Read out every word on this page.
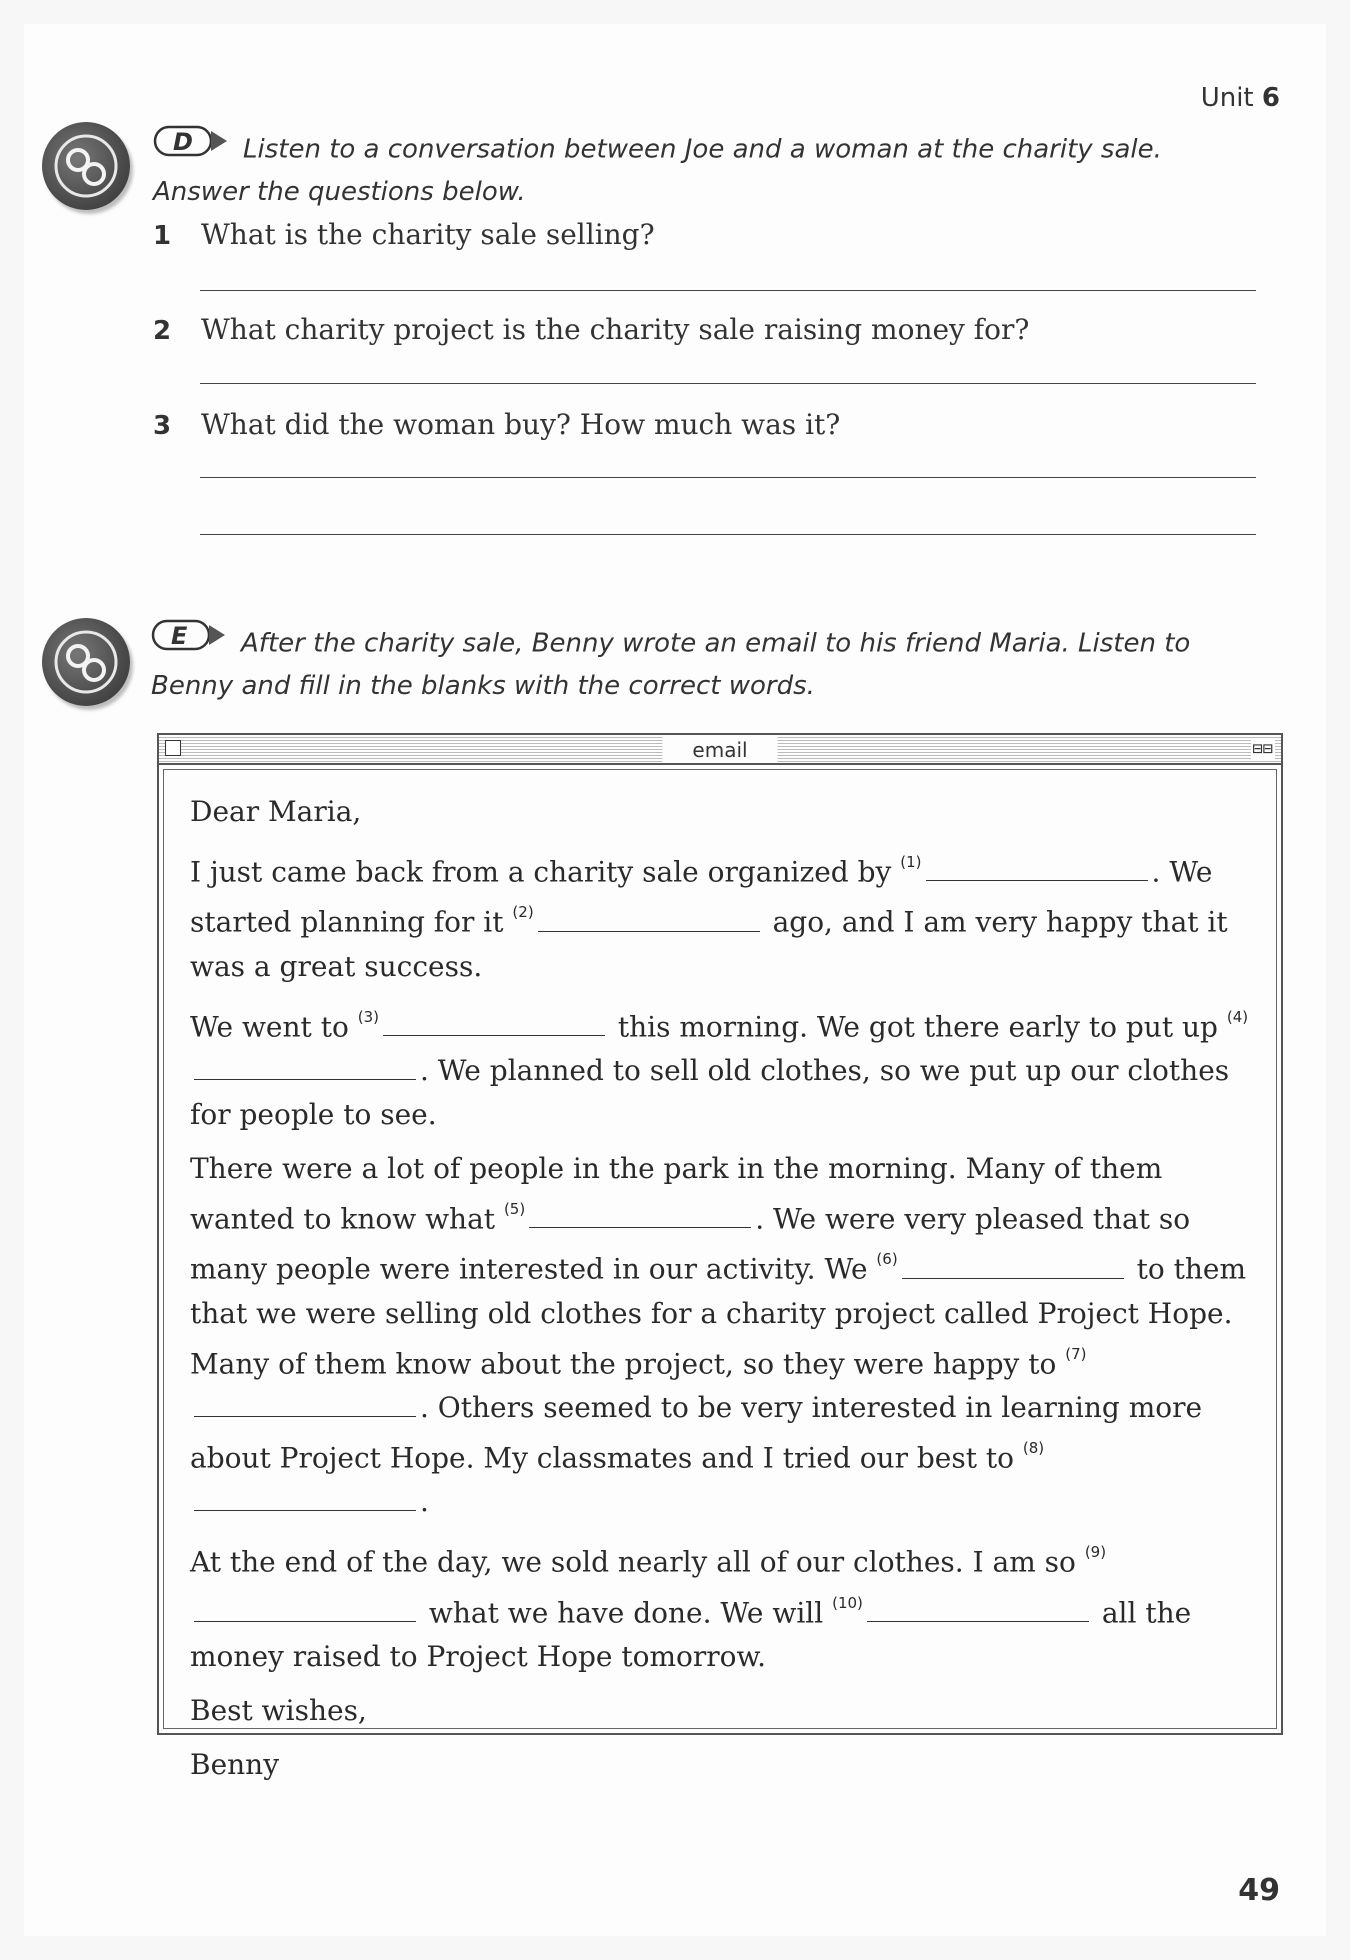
Unit 6
D Listen to a conversation between Joe and a woman at the charity sale. Answer the questions below.
1 What is the charity sale selling?
2 What charity project is the charity sale raising money for?
3 What did the woman buy? How much was it?
E After the charity sale, Benny wrote an email to his friend Maria. Listen to Benny and fill in the blanks with the correct words.
email	⊟⊟

Dear Maria,

I just came back from a charity sale organized by $^{(1)}$	. We started planning for it $^{(2)}$	ago, and I am very happy that it was a great success.

We went to $^{(3)}$	this morning. We got there early to put up $^{(4)}$. We planned to sell old clothes, so we put up our clothes for people to see.

There were a lot of people in the park in the morning. Many of them wanted to know what $^{(5)}$	. We were very pleased that so many people were interested in our activity. We $^{(6)}$	to them that we were selling old clothes for a charity project called Project Hope. Many of them know about the project, so they were happy to $^{(7)}$. Others seemed to be very interested in learning more about Project Hope. My classmates and I tried our best to $^{(8)}$.

At the end of the day, we sold nearly all of our clothes. I am so $^{(9)}$ what we have done. We will $^{(10)}$	all the money raised to Project Hope tomorrow.

Best wishes,

Benny

49
